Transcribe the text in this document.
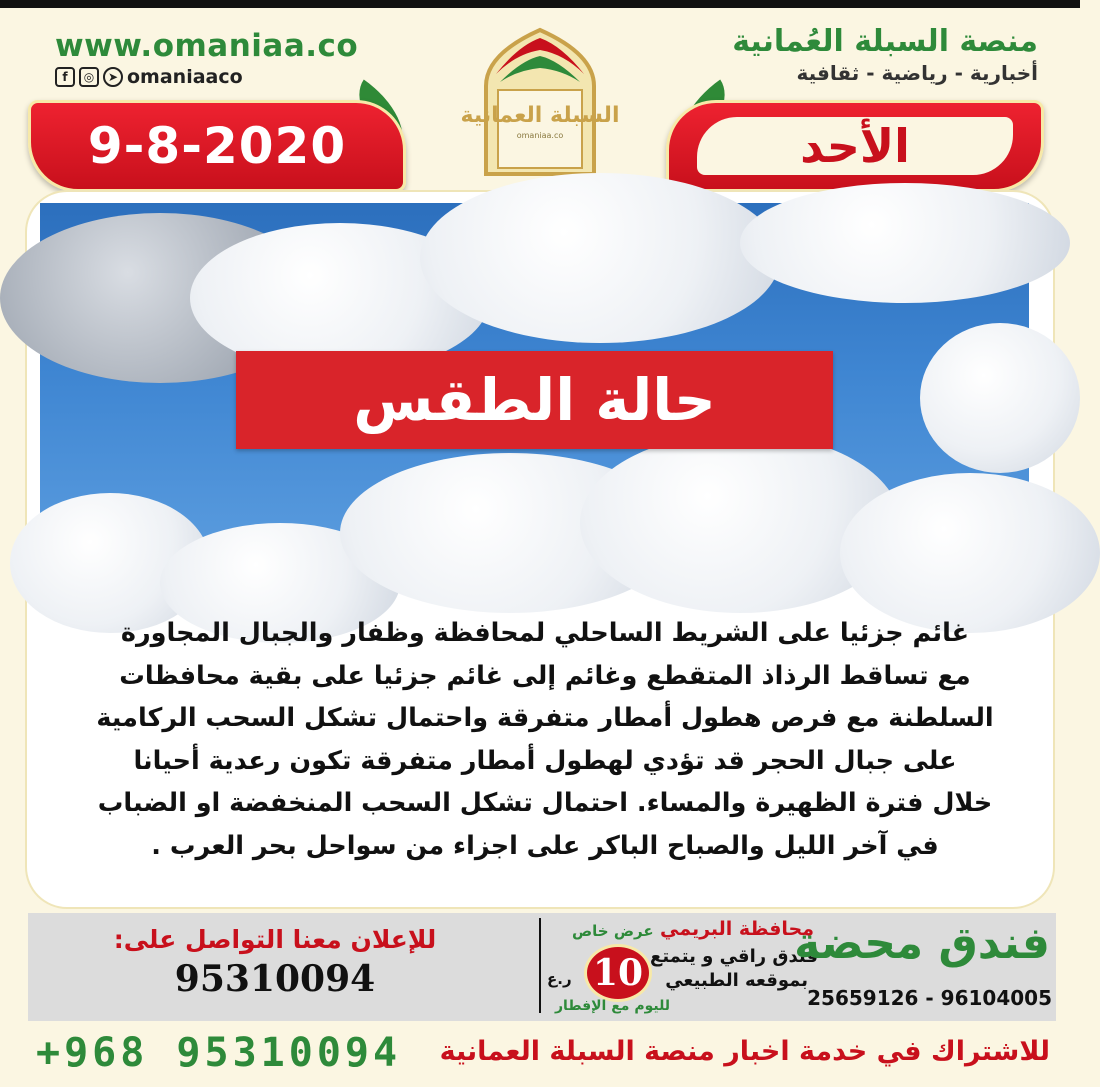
www.omaniaa.co
f	◎	➤ omaniaaco
منصة السبلة العُمانية
أخبارية - رياضية - ثقافية
9-8-2020	الأحد
السبلة العمانية
omaniaa.co
حالة الطقس
غائم جزئيا على الشريط الساحلي لمحافظة وظفار والجبال المجاورة
مع تساقط الرذاذ المتقطع وغائم إلى غائم جزئيا على بقية محافظات
السلطنة مع فرص هطول أمطار متفرقة واحتمال تشكل السحب الركامية
على جبال الحجر قد تؤدي لهطول أمطار متفرقة تكون رعدية أحيانا
خلال فترة الظهيرة والمساء. احتمال تشكل السحب المنخفضة او الضباب
في آخر الليل والصباح الباكر على اجزاء من سواحل بحر العرب .
للإعلان معنا التواصل على:
95310094
عرض خاص
10
ر.ع
لليوم مع الإفطار
محافظة البريمي
فندق راقي و يتمتع
بموقعه الطبيعي
فندق محضة
25659126 - 96104005
+968 95310094 للاشتراك في خدمة اخبار منصة السبلة العمانية
